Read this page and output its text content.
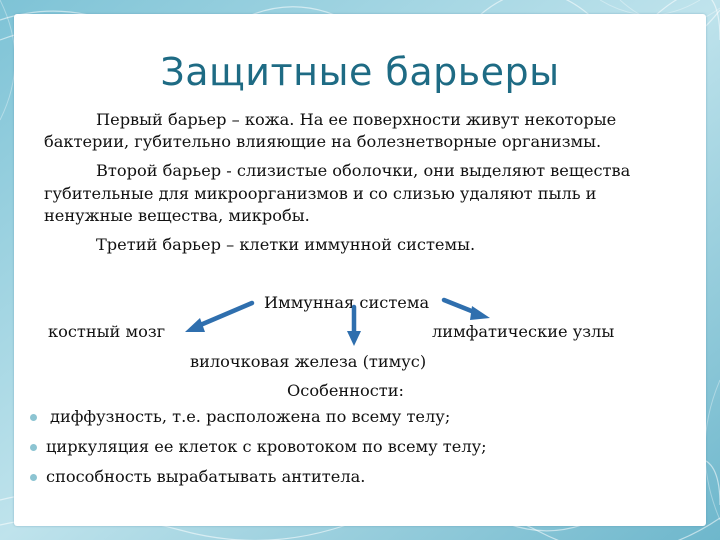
Защитные барьеры
Первый барьер – кожа. На ее поверхности живут некоторые
бактерии, губительно влияющие на болезнетворные организмы.
Второй барьер - слизистые оболочки, они выделяют вещества
губительные для микроорганизмов и со слизью удаляют пыль и
ненужные вещества, микробы.
Третий барьер – клетки иммунной системы.
Иммунная система
костный мозг	лимфатические узлы
вилочковая железа (тимус)
Особенности:
диффузность, т.е. расположена по всему телу;
циркуляция ее клеток с кровотоком по всему телу;
способность вырабатывать антитела.
